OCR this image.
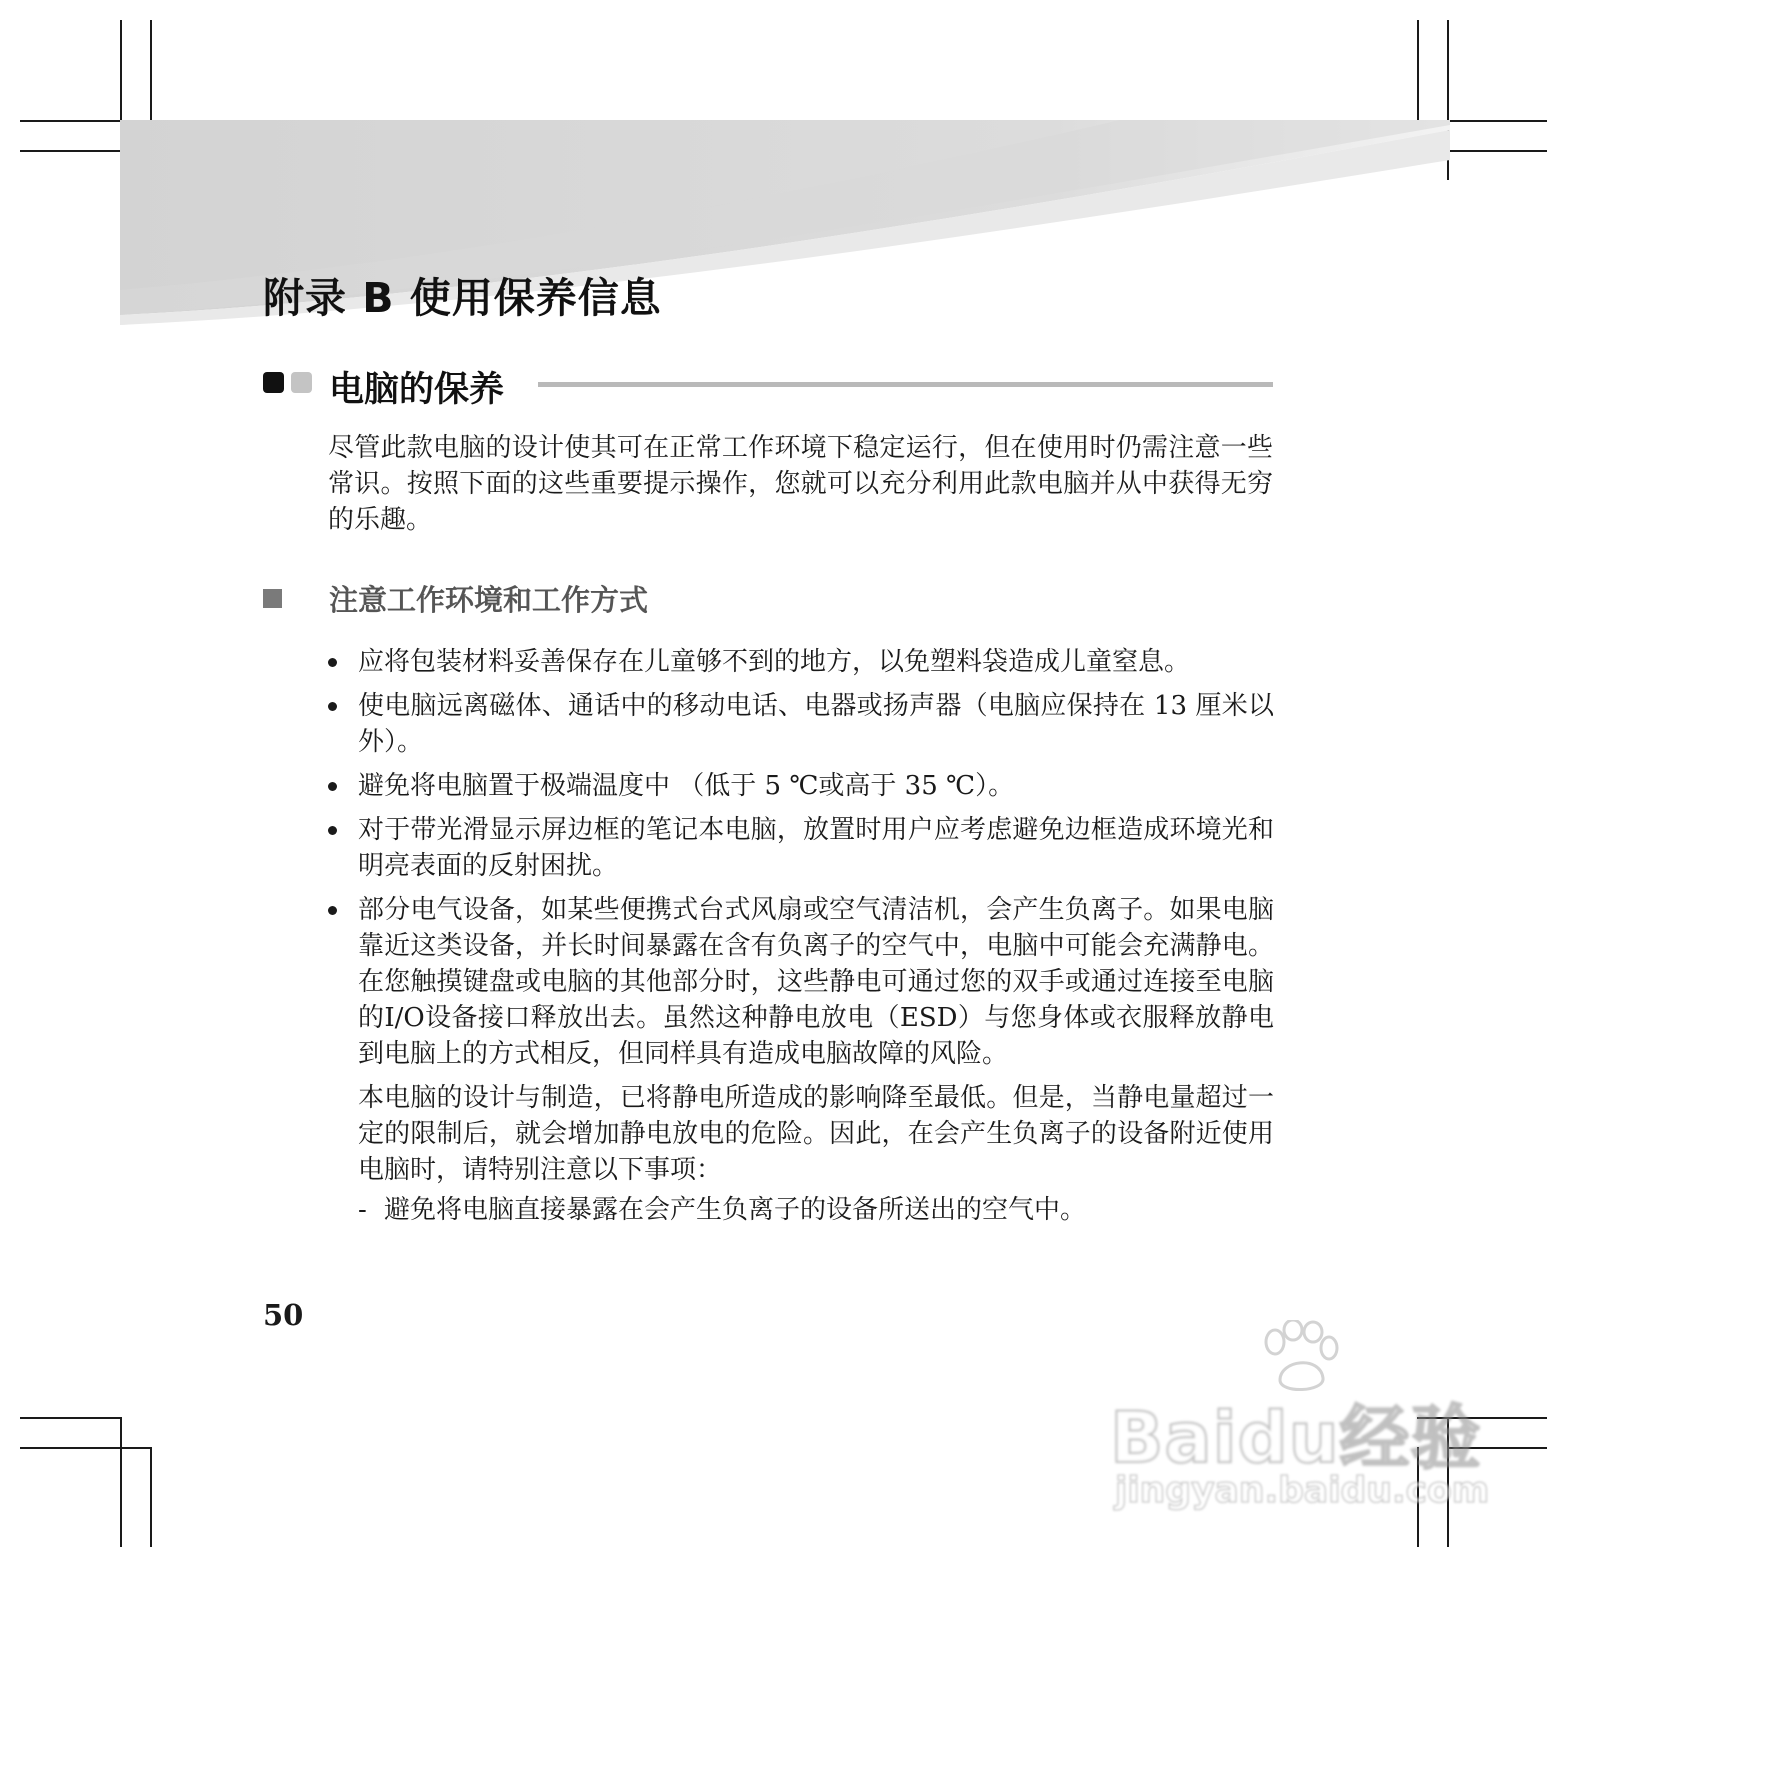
附录 B 使用保养信息
电脑的保养

尽管此款电脑的设计使其可在正常工作环境下稳定运行，但在使用时仍需注意一些常识。按照下面的这些重要提示操作，您就可以充分利用此款电脑并从中获得无穷的乐趣。

注意工作环境和工作方式

应将包装材料妥善保存在儿童够不到的地方，以免塑料袋造成儿童窒息。

使电脑远离磁体、通话中的移动电话、电器或扬声器（电脑应保持在 13 厘米以外）。

避免将电脑置于极端温度中 （低于 5 ℃或高于 35 ℃）。

对于带光滑显示屏边框的笔记本电脑，放置时用户应考虑避免边框造成环境光和明亮表面的反射困扰。

部分电气设备，如某些便携式台式风扇或空气清洁机，会产生负离子。如果电脑靠近这类设备，并长时间暴露在含有负离子的空气中，电脑中可能会充满静电。在您触摸键盘或电脑的其他部分时，这些静电可通过您的双手或通过连接至电脑的I/O设备接口释放出去。虽然这种静电放电（ESD）与您身体或衣服释放静电到电脑上的方式相反，但同样具有造成电脑故障的风险。

本电脑的设计与制造，已将静电所造成的影响降至最低。但是，当静电量超过一定的限制后，就会增加静电放电的危险。因此，在会产生负离子的设备附近使用电脑时，请特别注意以下事项：

- 避免将电脑直接暴露在会产生负离子的设备所送出的空气中。

50

Baidu经验
jingyan.baidu.com
